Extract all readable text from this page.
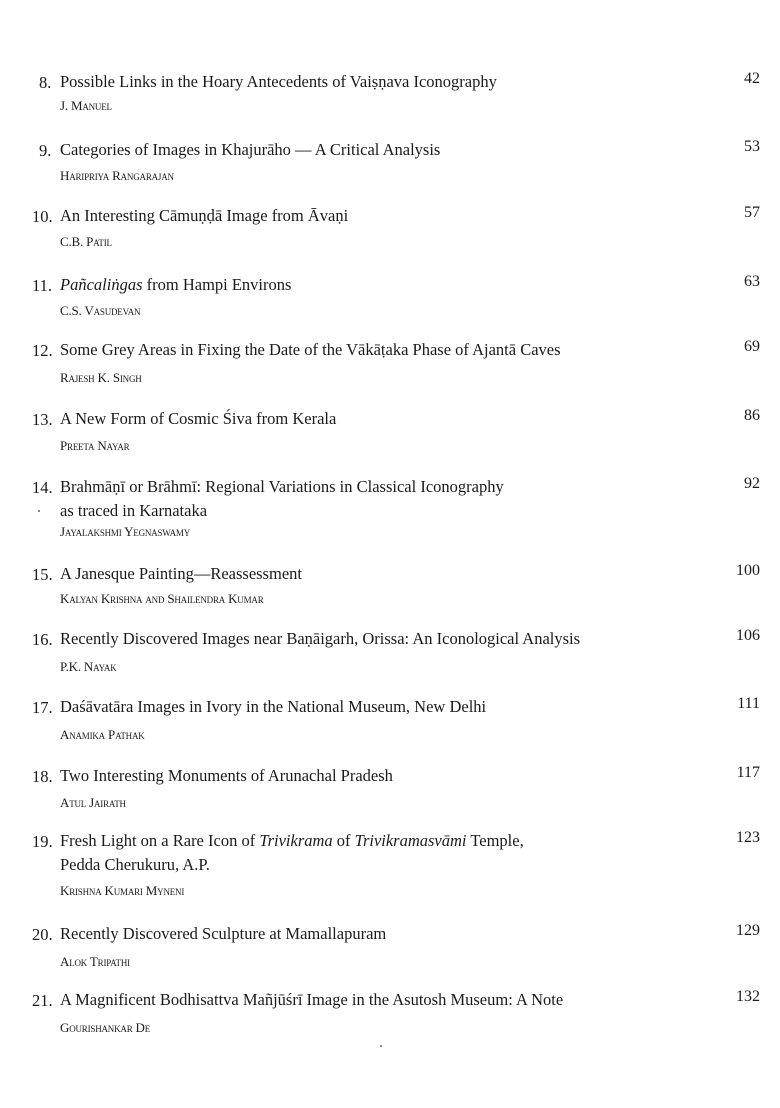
8. Possible Links in the Hoary Antecedents of Vaiṣṇava Iconography
J. Manuel
42
9. Categories of Images in Khajurāho — A Critical Analysis
Haripriya Rangarajan
53
10. An Interesting Cāmuṇḍā Image from Āvaṇi
C.B. Patil
57
11. Pañcaliṅgas from Hampi Environs
C.S. Vasudevan
63
12. Some Grey Areas in Fixing the Date of the Vākāṭaka Phase of Ajantā Caves
Rajesh K. Singh
69
13. A New Form of Cosmic Śiva from Kerala
Preeta Nayar
86
14. Brahmāṇī or Brāhmī: Regional Variations in Classical Iconography
as traced in Karnataka
Jayalakshmi Yegnaswamy
92
15. A Janesque Painting—Reassessment
Kalyan Krishna and Shailendra Kumar
100
16. Recently Discovered Images near Baṇāigarh, Orissa: An Iconological Analysis
P.K. Nayak
106
17. Daśāvatāra Images in Ivory in the National Museum, New Delhi
Anamika Pathak
111
18. Two Interesting Monuments of Arunachal Pradesh
Atul Jairath
117
19. Fresh Light on a Rare Icon of Trivikrama of Trivikramasvāmi Temple,
Pedda Cherukuru, A.P.
Krishna Kumari Myneni
123
20. Recently Discovered Sculpture at Mamallapuram
Alok Tripathi
129
21. A Magnificent Bodhisattva Mañjūśrī Image in the Asutosh Museum: A Note
Gourishankar De
132
